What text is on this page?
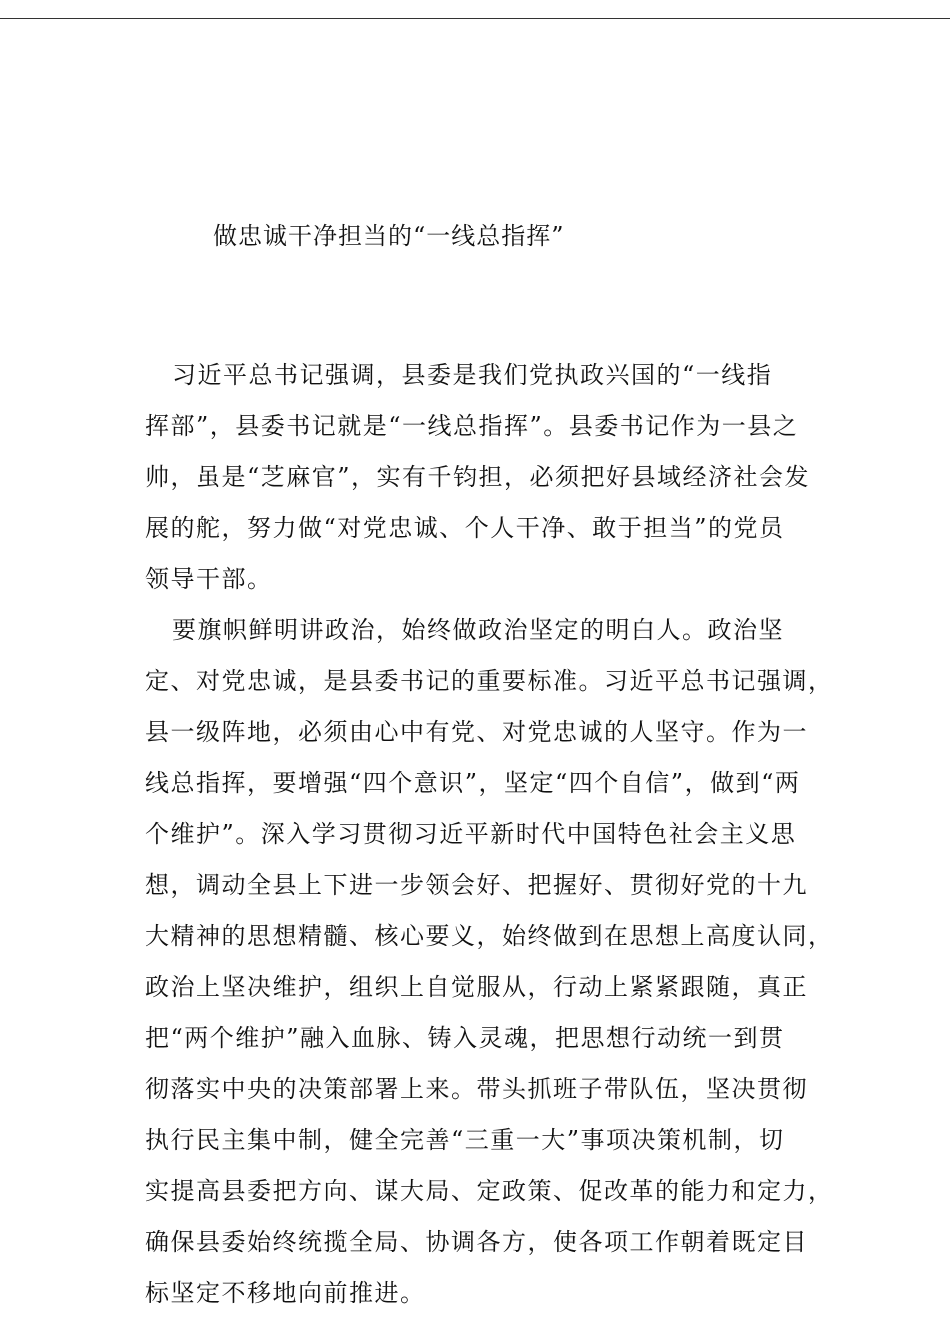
做忠诚干净担当的“一线总指挥”
习近平总书记强调，县委是我们党执政兴国的“一线指
挥部”，县委书记就是“一线总指挥”。县委书记作为一县之
帅，虽是“芝麻官”，实有千钧担，必须把好县域经济社会发
展的舵，努力做“对党忠诚、个人干净、敢于担当”的党员
领导干部。
要旗帜鲜明讲政治，始终做政治坚定的明白人。政治坚
定、对党忠诚，是县委书记的重要标准。习近平总书记强调，
县一级阵地，必须由心中有党、对党忠诚的人坚守。作为一
线总指挥，要增强“四个意识”，坚定“四个自信”，做到“两
个维护”。深入学习贯彻习近平新时代中国特色社会主义思
想，调动全县上下进一步领会好、把握好、贯彻好党的十九
大精神的思想精髓、核心要义，始终做到在思想上高度认同，
政治上坚决维护，组织上自觉服从，行动上紧紧跟随，真正
把“两个维护”融入血脉、铸入灵魂，把思想行动统一到贯
彻落实中央的决策部署上来。带头抓班子带队伍，坚决贯彻
执行民主集中制，健全完善“三重一大”事项决策机制，切
实提高县委把方向、谋大局、定政策、促改革的能力和定力，
确保县委始终统揽全局、协调各方，使各项工作朝着既定目
标坚定不移地向前推进。
